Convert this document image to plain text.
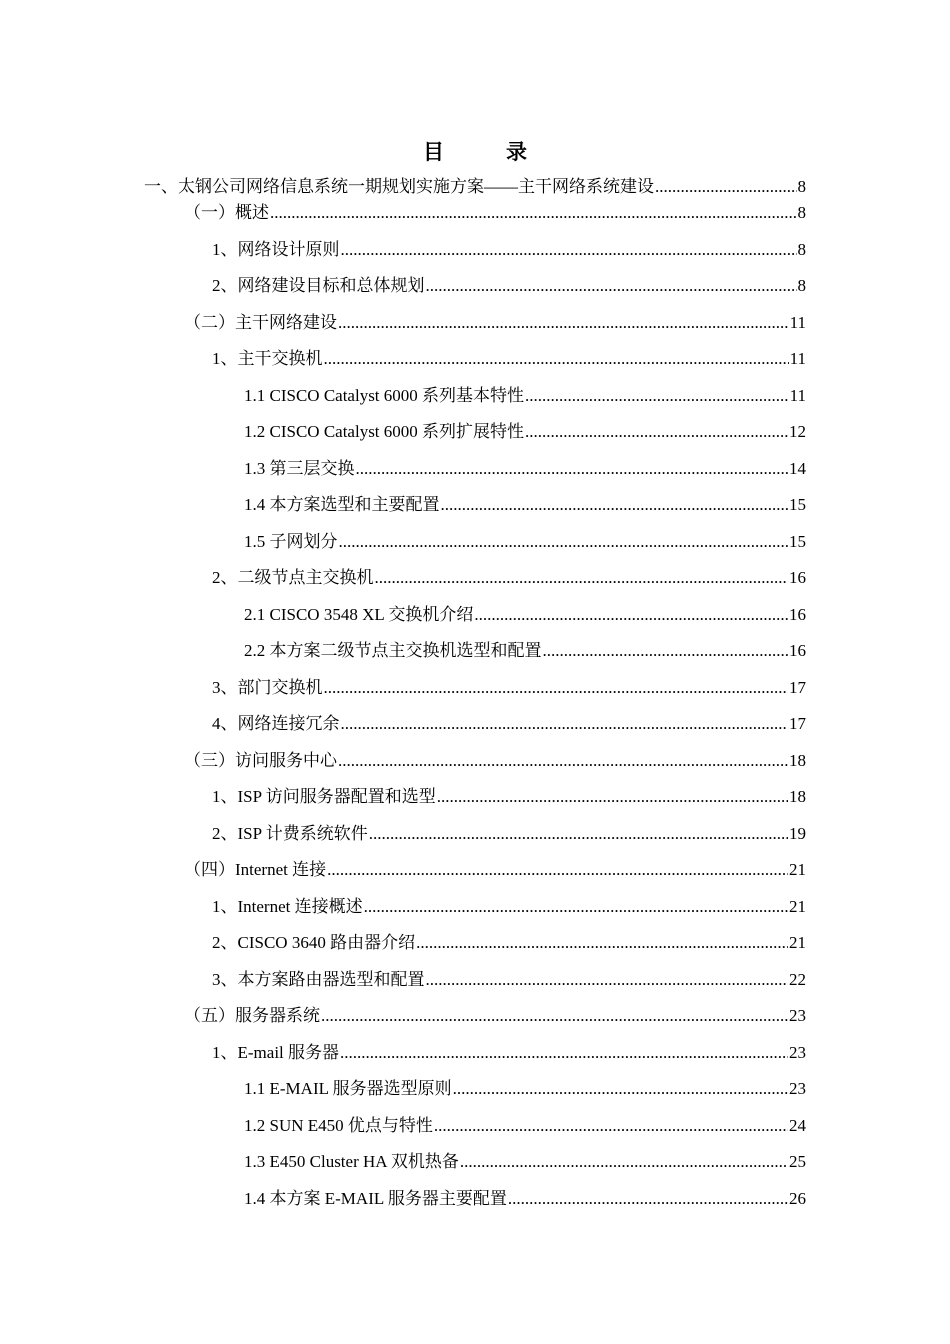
目	录
一、太钢公司网络信息系统一期规划实施方案——主干网络系统建设 .....	8
（一）概述 .....	8
1、网络设计原则 .....	8
2、网络建设目标和总体规划 .....	8
（二）主干网络建设 .....	11
1、主干交换机 .....	11
1.1 CISCO Catalyst 6000 系列基本特性 .....	11
1.2 CISCO Catalyst 6000 系列扩展特性 .....	12
1.3 第三层交换 .....	14
1.4 本方案选型和主要配置 .....	15
1.5 子网划分 .....	15
2、二级节点主交换机 .....	16
2.1 CISCO 3548 XL 交换机介绍 .....	16
2.2 本方案二级节点主交换机选型和配置 .....	16
3、部门交换机 .....	17
4、网络连接冗余 .....	17
（三）访问服务中心 .....	18
1、ISP 访问服务器配置和选型 .....	18
2、ISP 计费系统软件 .....	19
（四）Internet 连接 .....	21
1、Internet 连接概述 .....	21
2、CISCO 3640 路由器介绍 .....	21
3、本方案路由器选型和配置 .....	22
（五）服务器系统 .....	23
1、E-mail 服务器 .....	23
1.1 E-MAIL 服务器选型原则 .....	23
1.2 SUN E450 优点与特性 .....	24
1.3 E450 Cluster HA 双机热备 .....	25
1.4 本方案 E-MAIL 服务器主要配置 .....	26
